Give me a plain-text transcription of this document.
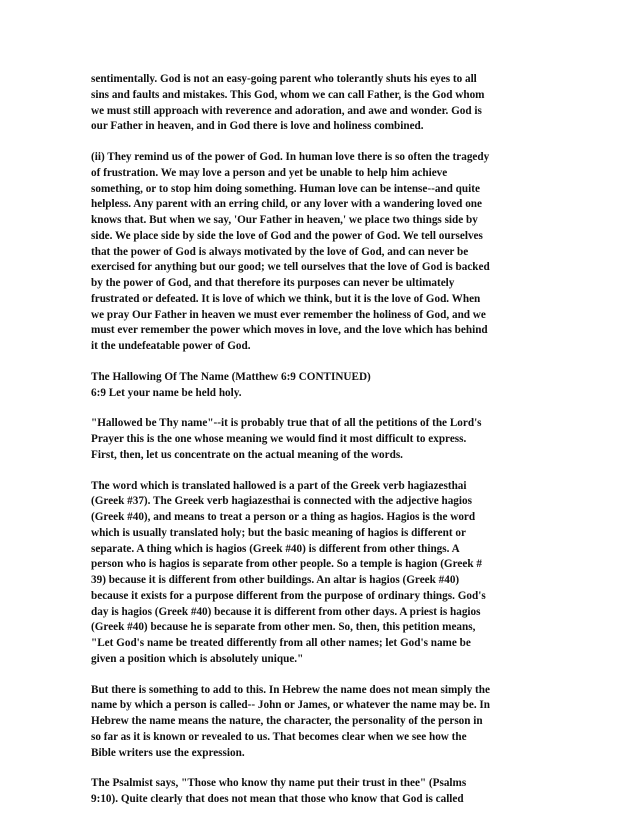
sentimentally. God is not an easy-going parent who tolerantly shuts his eyes to all
sins and faults and mistakes. This God, whom we can call Father, is the God whom
we must still approach with reverence and adoration, and awe and wonder. God is
our Father in heaven, and in God there is love and holiness combined.

(ii) They remind us of the power of God. In human love there is so often the tragedy
of frustration. We may love a person and yet be unable to help him achieve
something, or to stop him doing something. Human love can be intense--and quite
helpless. Any parent with an erring child, or any lover with a wandering loved one
knows that. But when we say, 'Our Father in heaven,' we place two things side by
side. We place side by side the love of God and the power of God. We tell ourselves
that the power of God is always motivated by the love of God, and can never be
exercised for anything but our good; we tell ourselves that the love of God is backed
by the power of God, and that therefore its purposes can never be ultimately
frustrated or defeated. It is love of which we think, but it is the love of God. When
we pray Our Father in heaven we must ever remember the holiness of God, and we
must ever remember the power which moves in love, and the love which has behind
it the undefeatable power of God.

The Hallowing Of The Name (Matthew 6:9 CONTINUED)
6:9 Let your name be held holy.

"Hallowed be Thy name"--it is probably true that of all the petitions of the Lord's
Prayer this is the one whose meaning we would find it most difficult to express.
First, then, let us concentrate on the actual meaning of the words.

The word which is translated hallowed is a part of the Greek verb hagiazesthai
(Greek #37). The Greek verb hagiazesthai is connected with the adjective hagios
(Greek #40), and means to treat a person or a thing as hagios. Hagios is the word
which is usually translated holy; but the basic meaning of hagios is different or
separate. A thing which is hagios (Greek #40) is different from other things. A
person who is hagios is separate from other people. So a temple is hagion (Greek #
39) because it is different from other buildings. An altar is hagios (Greek #40)
because it exists for a purpose different from the purpose of ordinary things. God's
day is hagios (Greek #40) because it is different from other days. A priest is hagios
(Greek #40) because he is separate from other men. So, then, this petition means,
"Let God's name be treated differently from all other names; let God's name be
given a position which is absolutely unique."

But there is something to add to this. In Hebrew the name does not mean simply the
name by which a person is called-- John or James, or whatever the name may be. In
Hebrew the name means the nature, the character, the personality of the person in
so far as it is known or revealed to us. That becomes clear when we see how the
Bible writers use the expression.

The Psalmist says, "Those who know thy name put their trust in thee" (Psalms
9:10). Quite clearly that does not mean that those who know that God is called
